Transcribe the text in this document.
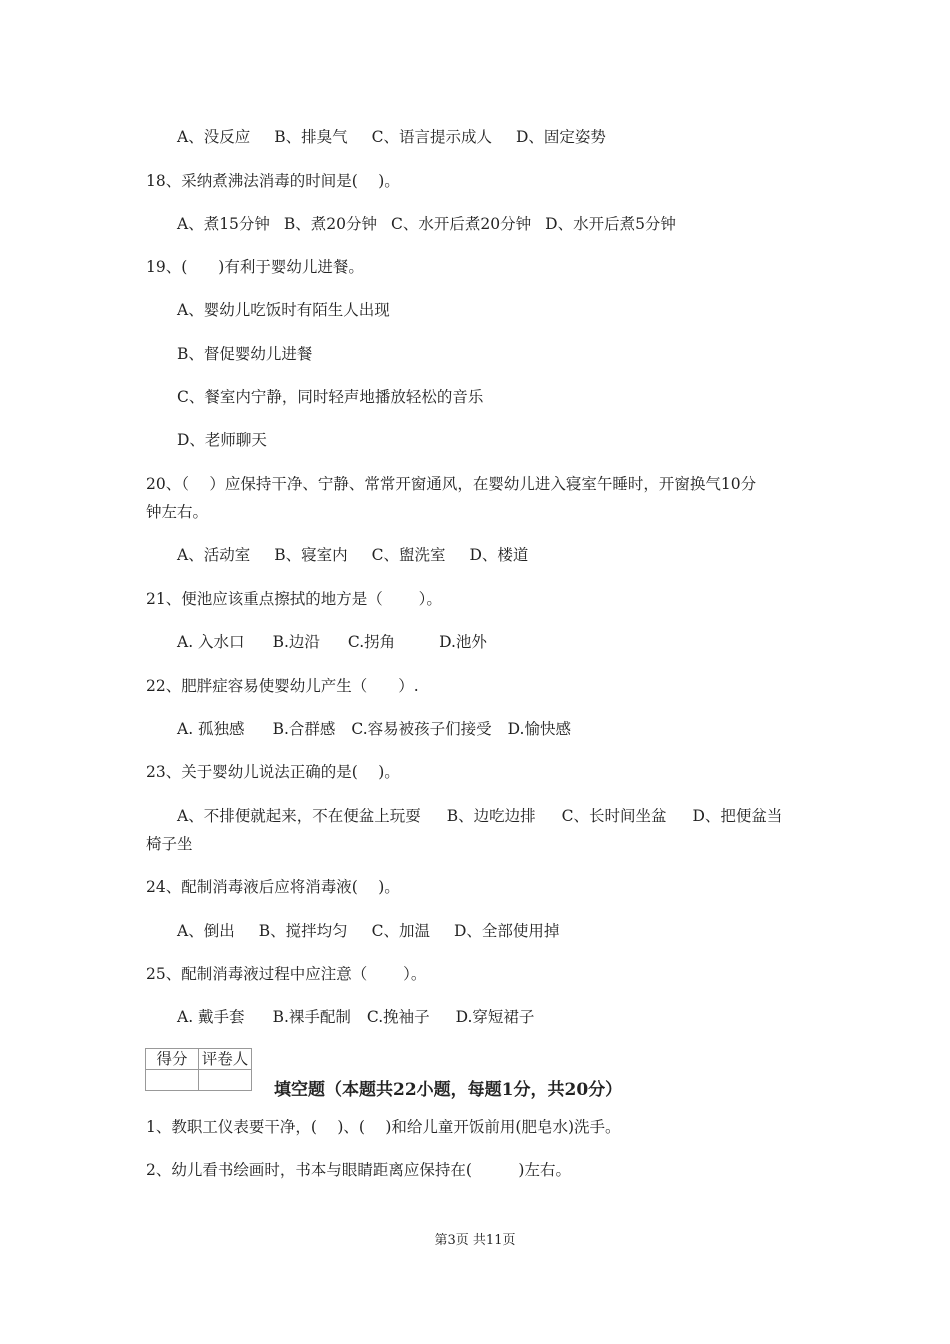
A、没反应 B、排臭气 C、语言提示成人 D、固定姿势
18、采纳煮沸法消毒的时间是(　 )。
A、煮15分钟 B、煮20分钟 C、水开后煮20分钟 D、水开后煮5分钟
19、(　　)有利于婴幼儿进餐。
A、婴幼儿吃饭时有陌生人出现
B、督促婴幼儿进餐
C、餐室内宁静，同时轻声地播放轻松的音乐
D、老师聊天
20、（　 ）应保持干净、宁静、常常开窗通风，在婴幼儿进入寝室午睡时，开窗换气10分
钟左右。
A、活动室 B、寝室内 C、盥洗室 D、楼道
21、便池应该重点擦拭的地方是（　　 ）。
A. 入水口 B.边沿 C.拐角	D.池外
22、肥胖症容易使婴幼儿产生（　　）.
A. 孤独感 B.合群感 C.容易被孩子们接受 D.愉快感
23、关于婴幼儿说法正确的是(　 )。
A、不排便就起来，不在便盆上玩耍 B、边吃边排 C、长时间坐盆 D、把便盆当
椅子坐
24、配制消毒液后应将消毒液(　 )。
A、倒出 B、搅拌均匀 C、加温 D、全部使用掉
25、配制消毒液过程中应注意（　　 ）。
A. 戴手套 B.裸手配制 C.挽袖子 D.穿短裙子
1、教职工仪表要干净，(　 )、(　 )和给儿童开饭前用(肥皂水)洗手。
2、幼儿看书绘画时，书本与眼睛距离应保持在(　　　)左右。
得分	评卷人

填空题（本题共22小题，每题1分，共20分）
第3页 共11页
